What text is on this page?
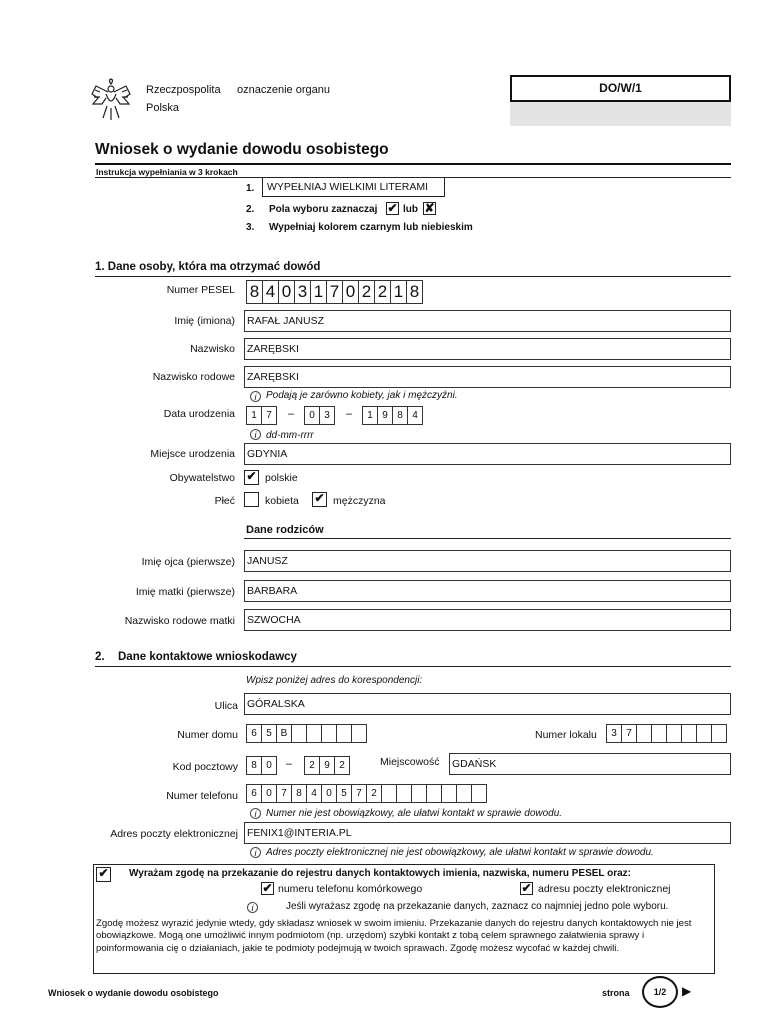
Rzeczpospolita
Polska
oznaczenie organu	DO/W/1
Wniosek o wydanie dowodu osobistego
Instrukcja wypełniania w 3 krokach
1.	WYPEŁNIAJ WIELKIMI LITERAMI
2. Pola wyboru zaznaczaj ✔ lub ✘
3. Wypełniaj kolorem czarnym lub niebieskim
1. Dane osoby, która ma otrzymać dowód
Numer PESEL 8 4 0 3 1 7 0 2 2 1 8
Imię (imiona) RAFAŁ JANUSZ
Nazwisko ZARĘBSKI
Nazwisko rodowe ZARĘBSKI
i Podają je zarówno kobiety, jak i mężczyźni.
Data urodzenia	1 7	–	0 3	–	1 9 8 4
i dd-mm-rrrr
Miejsce urodzenia GDYNIA
Obywatelstwo ✔ polskie
Płeć	kobieta ✔ mężczyzna
Dane rodziców
Imię ojca (pierwsze) JANUSZ
Imię matki (pierwsze) BARBARA
Nazwisko rodowe matki SZWOCHA
2. Dane kontaktowe wnioskodawcy
Wpisz poniżej adres do korespondencji:
Ulica GÓRALSKA
Numer domu	6 5 B	Numer lokalu	3 7
Kod pocztowy	8 0	–	2 9 2	Miejscowość GDAŃSK
Numer telefonu	6 0 7 8 4 0 5 7 2
i Numer nie jest obowiązkowy, ale ułatwi kontakt w sprawie dowodu.
Adres poczty elektronicznej FENIX1@INTERIA.PL
i Adres poczty elektronicznej nie jest obowiązkowy, ale ułatwi kontakt w sprawie dowodu.
✔ Wyrażam zgodę na przekazanie do rejestru danych kontaktowych imienia, nazwiska, numeru PESEL oraz:
✔ numeru telefonu komórkowego	✔ adresu poczty elektronicznej
i	Jeśli wyrażasz zgodę na przekazanie danych, zaznacz co najmniej jedno pole wyboru.
Zgodę możesz wyrazić jedynie wtedy, gdy składasz wniosek w swoim imieniu. Przekazanie danych do rejestru danych kontaktowych nie jest obowiązkowe. Mogą one umożliwić innym podmiotom (np. urzędom) szybki kontakt z tobą celem sprawnego załatwienia sprawy i poinformowania cię o działaniach, jakie te podmioty podejmują w twoich sprawach. Zgodę możesz wycofać w każdej chwili.
Wniosek o wydanie dowodu osobistego	strona	1/2	▶
